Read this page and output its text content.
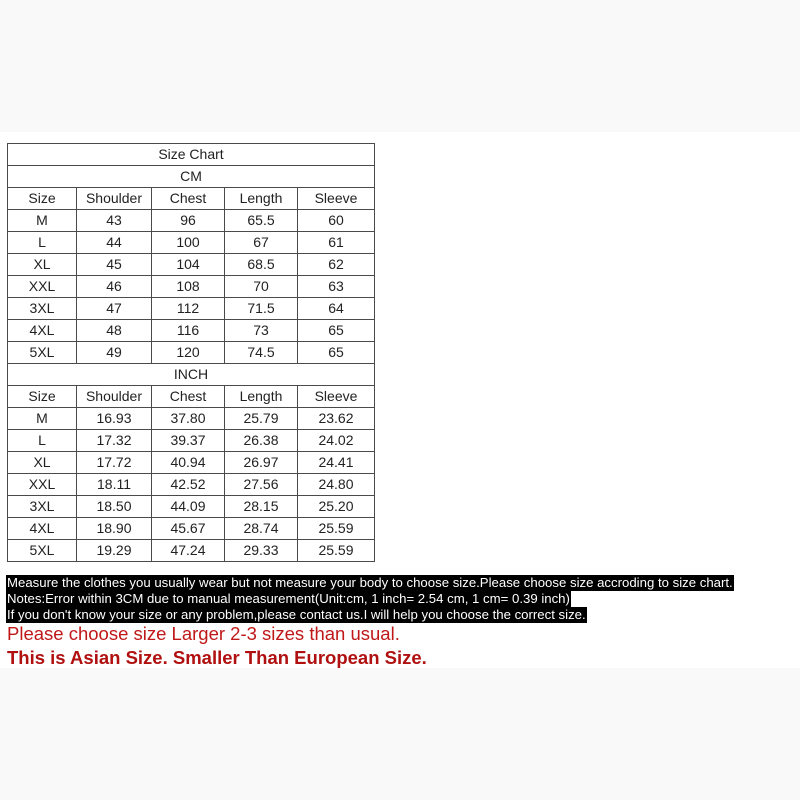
Size Chart				
CM				
Size	Shoulder	Chest	Length	Sleeve
M	43	96	65.5	60
L	44	100	67	61
XL	45	104	68.5	62
XXL	46	108	70	63
3XL	47	112	71.5	64
4XL	48	116	73	65
5XL	49	120	74.5	65
INCH				
Size	Shoulder	Chest	Length	Sleeve
M	16.93	37.80	25.79	23.62
L	17.32	39.37	26.38	24.02
XL	17.72	40.94	26.97	24.41
XXL	18.11	42.52	27.56	24.80
3XL	18.50	44.09	28.15	25.20
4XL	18.90	45.67	28.74	25.59
5XL	19.29	47.24	29.33	25.59
Measure the clothes you usually wear but not measure your body to choose size.Please choose size accroding to size chart.
Notes:Error within 3CM due to manual measurement(Unit:cm, 1 inch= 2.54 cm, 1 cm= 0.39 inch)
If you don't know your size or any problem,please contact us.I will help you choose the correct size.
Please choose size Larger 2-3 sizes than usual.
This is Asian Size. Smaller Than European Size.
